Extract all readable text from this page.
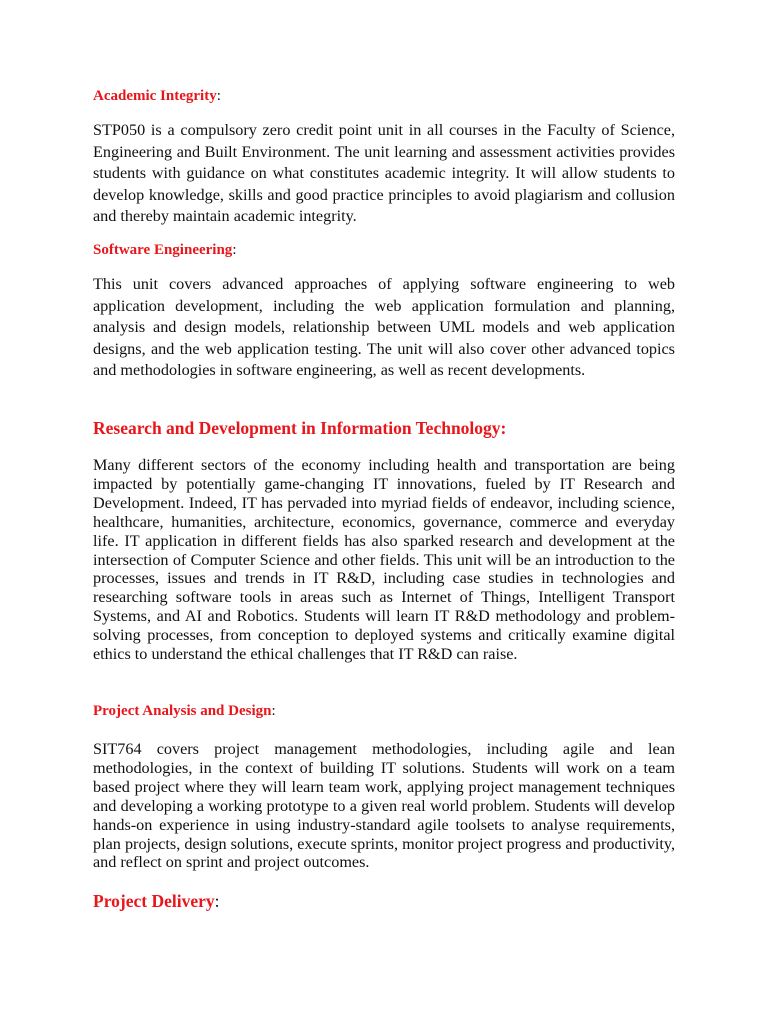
Academic Integrity:

STP050 is a compulsory zero credit point unit in all courses in the Faculty of Science, Engineering and Built Environment. The unit learning and assessment activities provides students with guidance on what constitutes academic integrity. It will allow students to develop knowledge, skills and good practice principles to avoid plagiarism and collusion and thereby maintain academic integrity.

Software Engineering:

This unit covers advanced approaches of applying software engineering to web application development, including the web application formulation and planning, analysis and design models, relationship between UML models and web application designs, and the web application testing. The unit will also cover other advanced topics and methodologies in software engineering, as well as recent developments.

Research and Development in Information Technology:

Many different sectors of the economy including health and transportation are being impacted by potentially game-changing IT innovations, fueled by IT Research and Development. Indeed, IT has pervaded into myriad fields of endeavor, including science, healthcare, humanities, architecture, economics, governance, commerce and everyday life. IT application in different fields has also sparked research and development at the intersection of Computer Science and other fields. This unit will be an introduction to the processes, issues and trends in IT R&D, including case studies in technologies and researching software tools in areas such as Internet of Things, Intelligent Transport Systems, and AI and Robotics. Students will learn IT R&D methodology and problem-solving processes, from conception to deployed systems and critically examine digital ethics to understand the ethical challenges that IT R&D can raise.

Project Analysis and Design:

SIT764 covers project management methodologies, including agile and lean methodologies, in the context of building IT solutions. Students will work on a team based project where they will learn team work, applying project management techniques and developing a working prototype to a given real world problem. Students will develop hands-on experience in using industry-standard agile toolsets to analyse requirements, plan projects, design solutions, execute sprints, monitor project progress and productivity, and reflect on sprint and project outcomes.

Project Delivery:
